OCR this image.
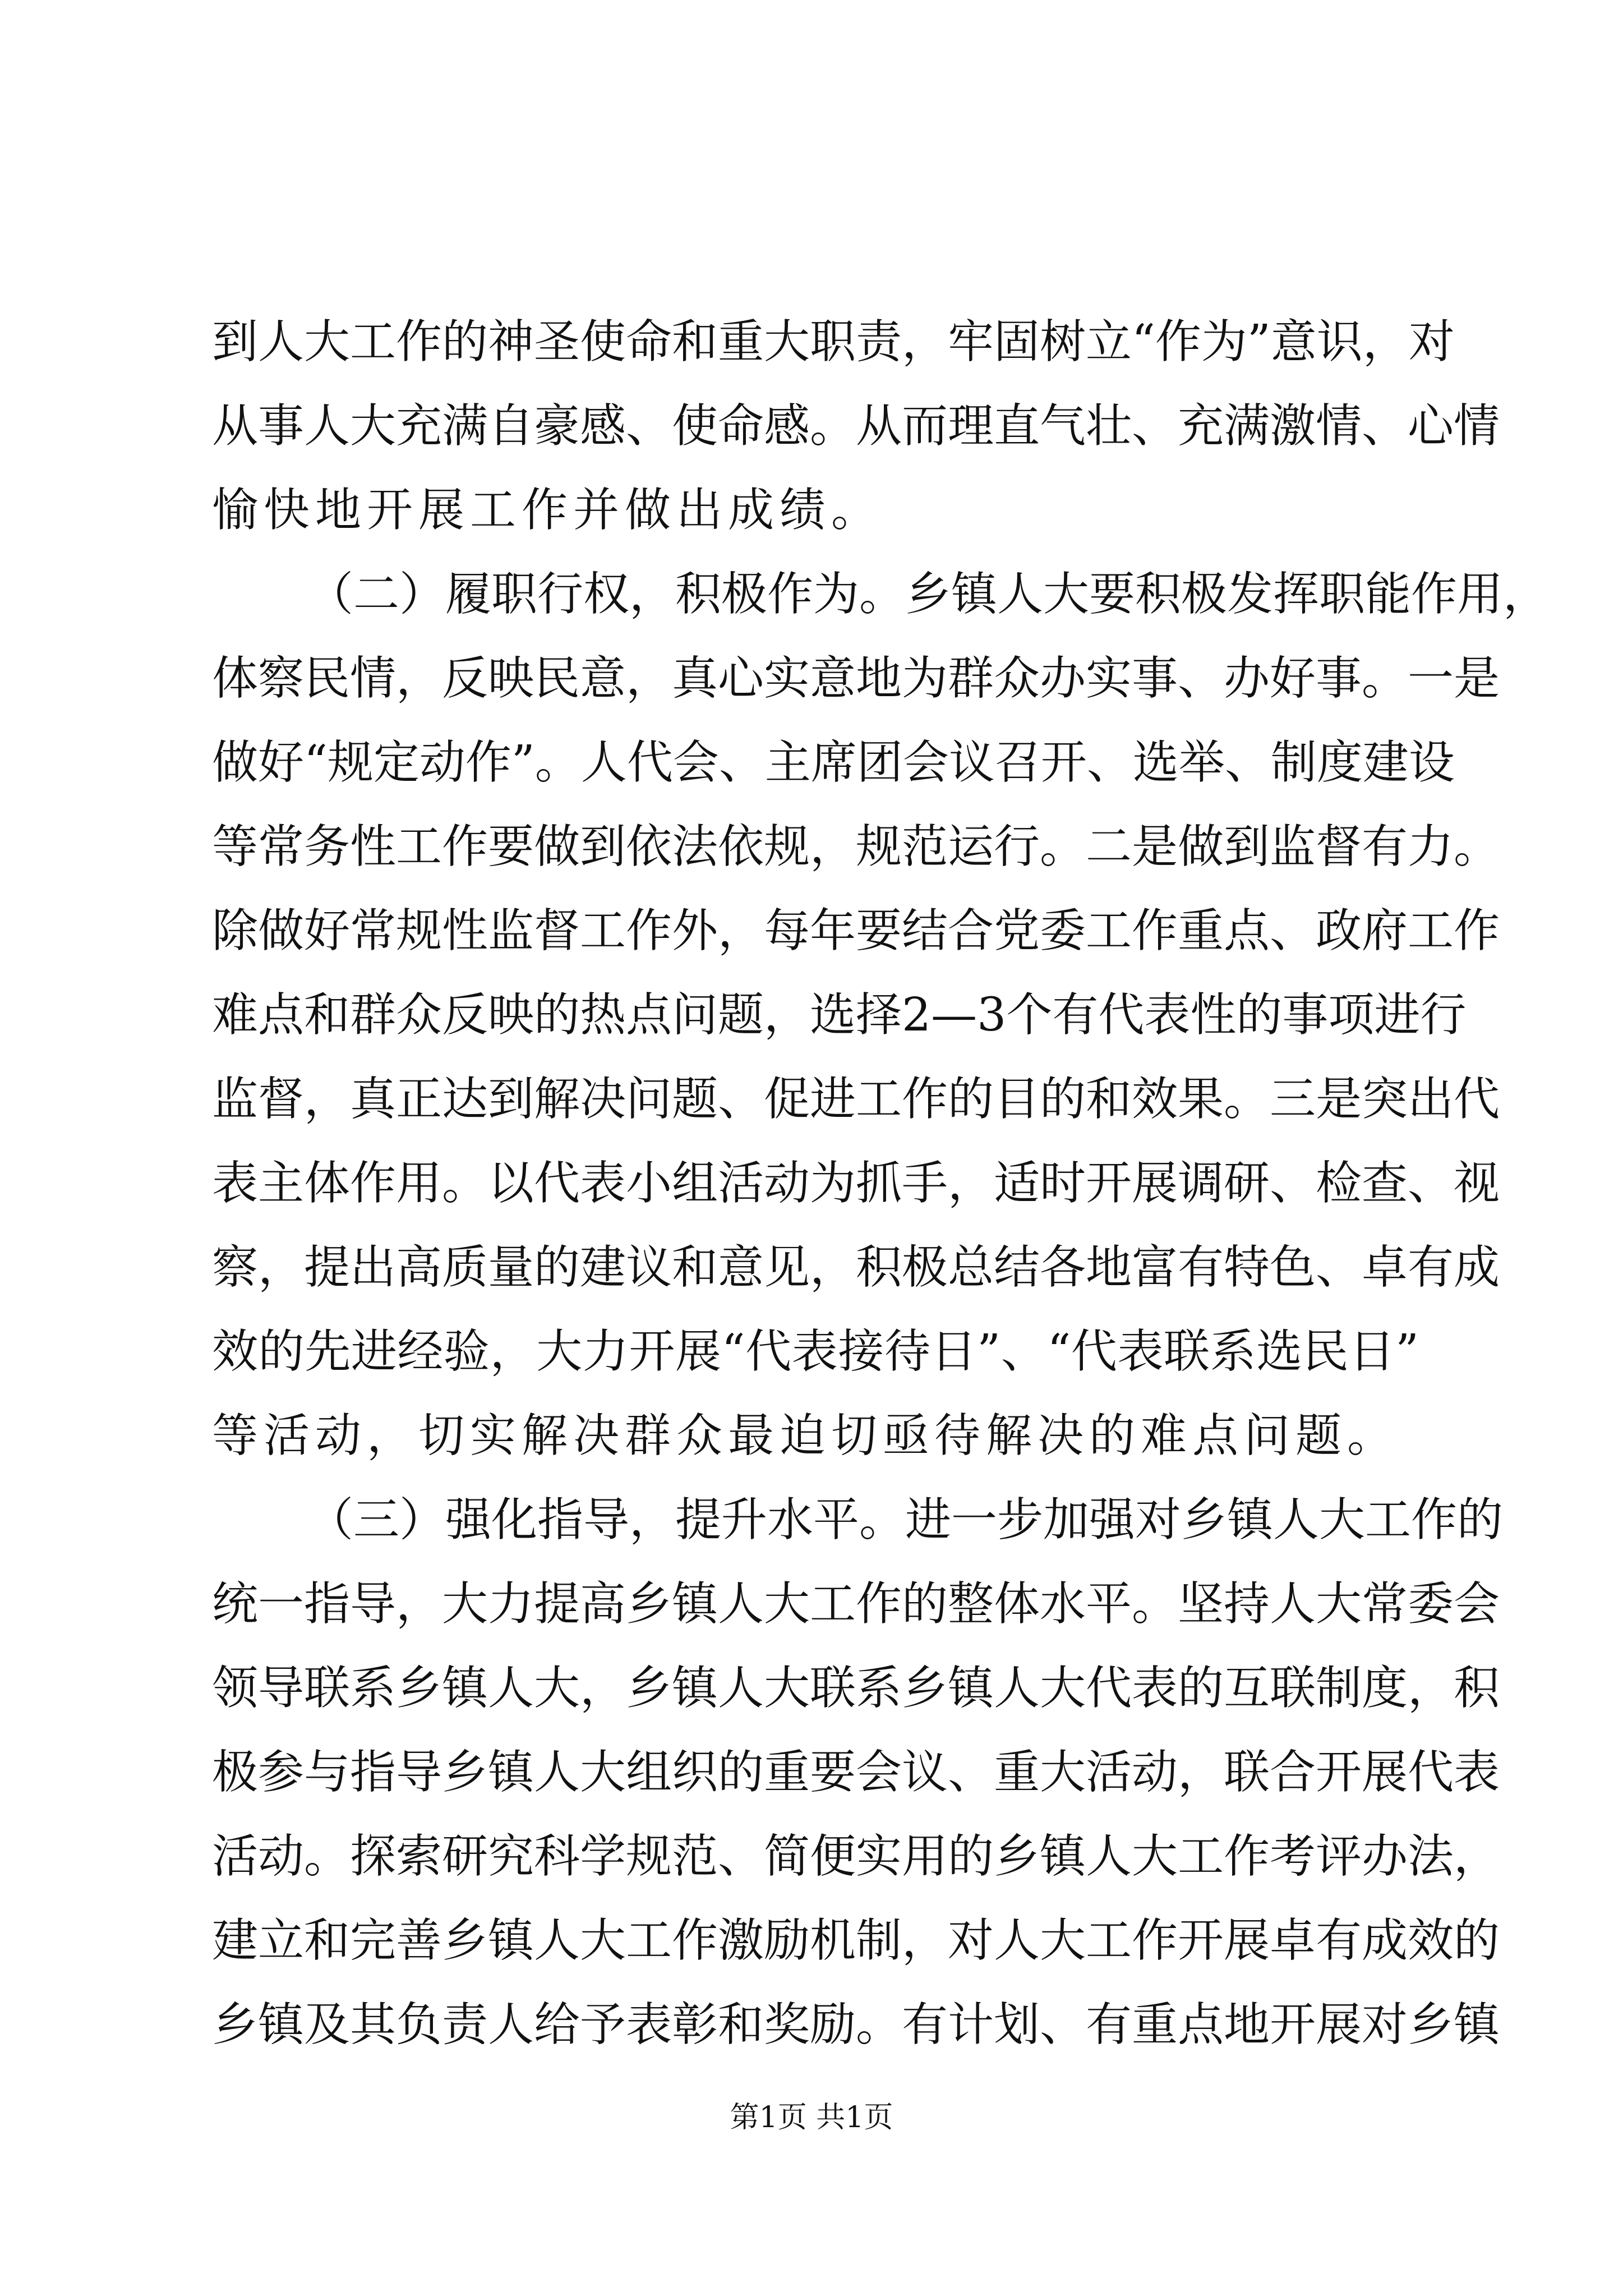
到人大工作的神圣使命和重大职责，牢固树立“作为”意识，对
从事人大充满自豪感、使命感。从而理直气壮、充满激情、心情
愉快地开展工作并做出成绩。
（二）履职行权，积极作为。乡镇人大要积极发挥职能作用，
体察民情，反映民意，真心实意地为群众办实事、办好事。一是
做好“规定动作”。人代会、主席团会议召开、选举、制度建设
等常务性工作要做到依法依规，规范运行。二是做到监督有力。
除做好常规性监督工作外，每年要结合党委工作重点、政府工作
难点和群众反映的热点问题，选择2—3个有代表性的事项进行
监督，真正达到解决问题、促进工作的目的和效果。三是突出代
表主体作用。以代表小组活动为抓手，适时开展调研、检查、视
察，提出高质量的建议和意见，积极总结各地富有特色、卓有成
效的先进经验，大力开展“代表接待日”、“代表联系选民日”
等活动，切实解决群众最迫切亟待解决的难点问题。
（三）强化指导，提升水平。进一步加强对乡镇人大工作的
统一指导，大力提高乡镇人大工作的整体水平。坚持人大常委会
领导联系乡镇人大，乡镇人大联系乡镇人大代表的互联制度，积
极参与指导乡镇人大组织的重要会议、重大活动，联合开展代表
活动。探索研究科学规范、简便实用的乡镇人大工作考评办法，
建立和完善乡镇人大工作激励机制，对人大工作开展卓有成效的
乡镇及其负责人给予表彰和奖励。有计划、有重点地开展对乡镇
第1页 共1页
